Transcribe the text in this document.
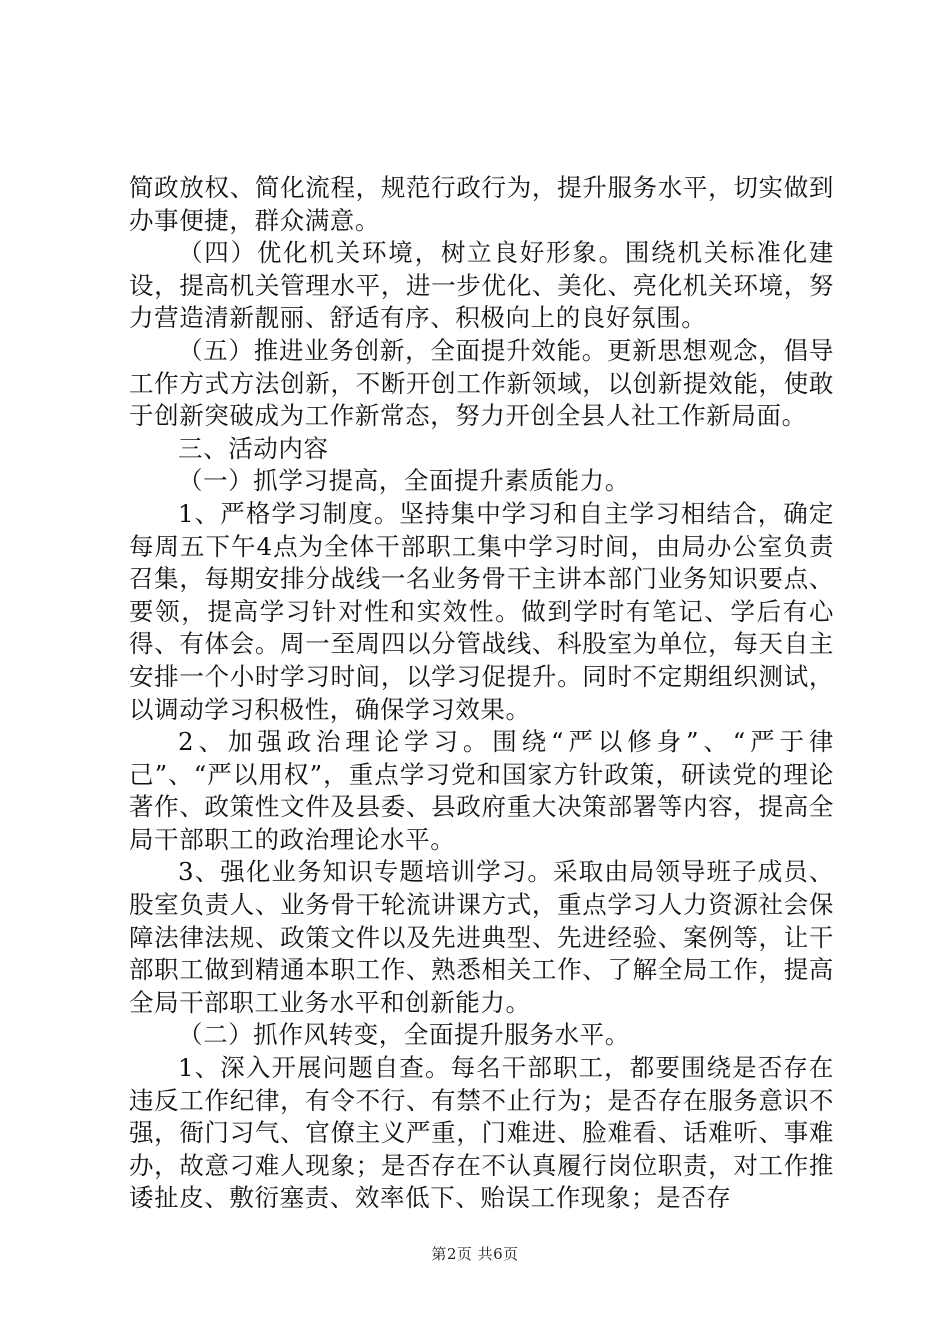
简政放权、简化流程，规范行政行为，提升服务水平，切实做到办事便捷，群众满意。

（四）优化机关环境，树立良好形象。围绕机关标准化建设，提高机关管理水平，进一步优化、美化、亮化机关环境，努力营造清新靓丽、舒适有序、积极向上的良好氛围。

（五）推进业务创新，全面提升效能。更新思想观念，倡导工作方式方法创新，不断开创工作新领域，以创新提效能，使敢于创新突破成为工作新常态，努力开创全县人社工作新局面。

三、活动内容

（一）抓学习提高，全面提升素质能力。

1、严格学习制度。坚持集中学习和自主学习相结合，确定每周五下午4点为全体干部职工集中学习时间，由局办公室负责召集，每期安排分战线一名业务骨干主讲本部门业务知识要点、要领，提高学习针对性和实效性。做到学时有笔记、学后有心得、有体会。周一至周四以分管战线、科股室为单位，每天自主安排一个小时学习时间，以学习促提升。同时不定期组织测试，以调动学习积极性，确保学习效果。

2、加强政治理论学习。围绕“严以修身”、“严于律己”、“严以用权”，重点学习党和国家方针政策，研读党的理论著作、政策性文件及县委、县政府重大决策部署等内容，提高全局干部职工的政治理论水平。

3、强化业务知识专题培训学习。采取由局领导班子成员、股室负责人、业务骨干轮流讲课方式，重点学习人力资源社会保障法律法规、政策文件以及先进典型、先进经验、案例等，让干部职工做到精通本职工作、熟悉相关工作、了解全局工作，提高全局干部职工业务水平和创新能力。

（二）抓作风转变，全面提升服务水平。

1、深入开展问题自查。每名干部职工，都要围绕是否存在违反工作纪律，有令不行、有禁不止行为；是否存在服务意识不强，衙门习气、官僚主义严重，门难进、脸难看、话难听、事难办，故意刁难人现象；是否存在不认真履行岗位职责，对工作推诿扯皮、敷衍塞责、效率低下、贻误工作现象；是否存

第2页 共6页
